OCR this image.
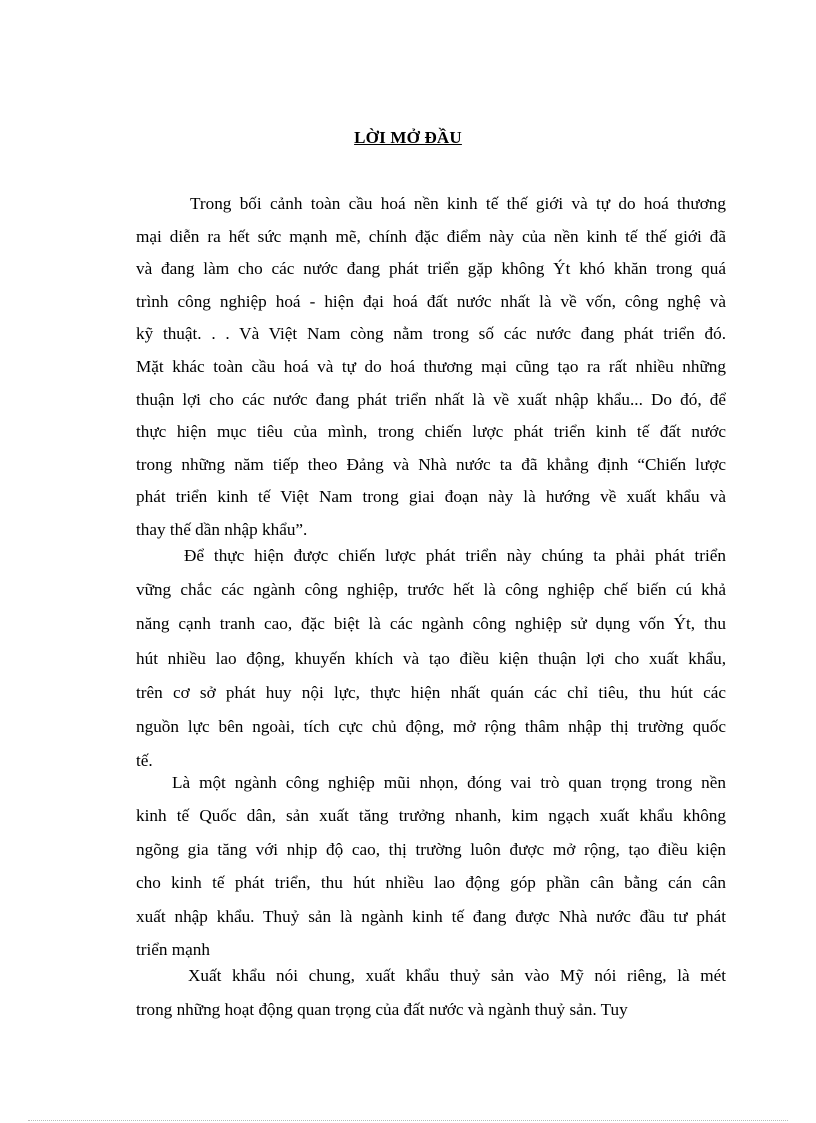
LỜI MỞ ĐẦU
Trong bối cảnh toàn cầu hoá nền kinh tế thế giới và tự do hoá thương
mại diễn ra hết sức mạnh mẽ, chính đặc điểm này của nền kinh tế thế giới đã
và đang làm cho các nước đang phát triển gặp không Ýt khó khăn trong quá
trình công nghiệp hoá - hiện đại hoá đất nước nhất là về vốn, công nghệ và
kỹ thuật. . . Và Việt Nam còng nằm trong số các nước đang phát triển đó.
Mặt khác toàn cầu hoá và tự do hoá thương mại cũng tạo ra rất nhiều những
thuận lợi cho các nước đang phát triển nhất là về xuất nhập khẩu... Do đó, để
thực hiện mục tiêu của mình, trong chiến lược phát triển kinh tế đất nước
trong những năm tiếp theo Đảng và Nhà nước ta đã khẳng định “Chiến lược
phát triển kinh tế Việt Nam trong giai đoạn này là hướng về xuất khẩu và
thay thế dần nhập khẩu”.
Để thực hiện được chiến lược phát triển này chúng ta phải phát triển
vững chắc các ngành công nghiệp, trước hết là công nghiệp chế biến cú khả
năng cạnh tranh cao, đặc biệt là các ngành công nghiệp sử dụng vốn Ýt, thu
hút nhiều lao động, khuyến khích và tạo điều kiện thuận lợi cho xuất khẩu,
trên cơ sở phát huy nội lực, thực hiện nhất quán các chỉ tiêu, thu hút các
nguồn lực bên ngoài, tích cực chủ động, mở rộng thâm nhập thị trường quốc
tế.
Là một ngành công nghiệp mũi nhọn, đóng vai trò quan trọng trong nền
kinh tế Quốc dân, sản xuất tăng trưởng nhanh, kim ngạch xuất khẩu không
ngõng gia tăng với nhịp độ cao, thị trường luôn được mở rộng, tạo điều kiện
cho kinh tế phát triển, thu hút nhiều lao động góp phần cân bằng cán cân
xuất nhập khẩu. Thuỷ sản là ngành kinh tế đang được Nhà nước đầu tư phát
triển mạnh
Xuất khẩu nói chung, xuất khẩu thuỷ sản vào Mỹ nói riêng, là mét
trong những hoạt động quan trọng của đất nước và ngành thuỷ sản. Tuy
